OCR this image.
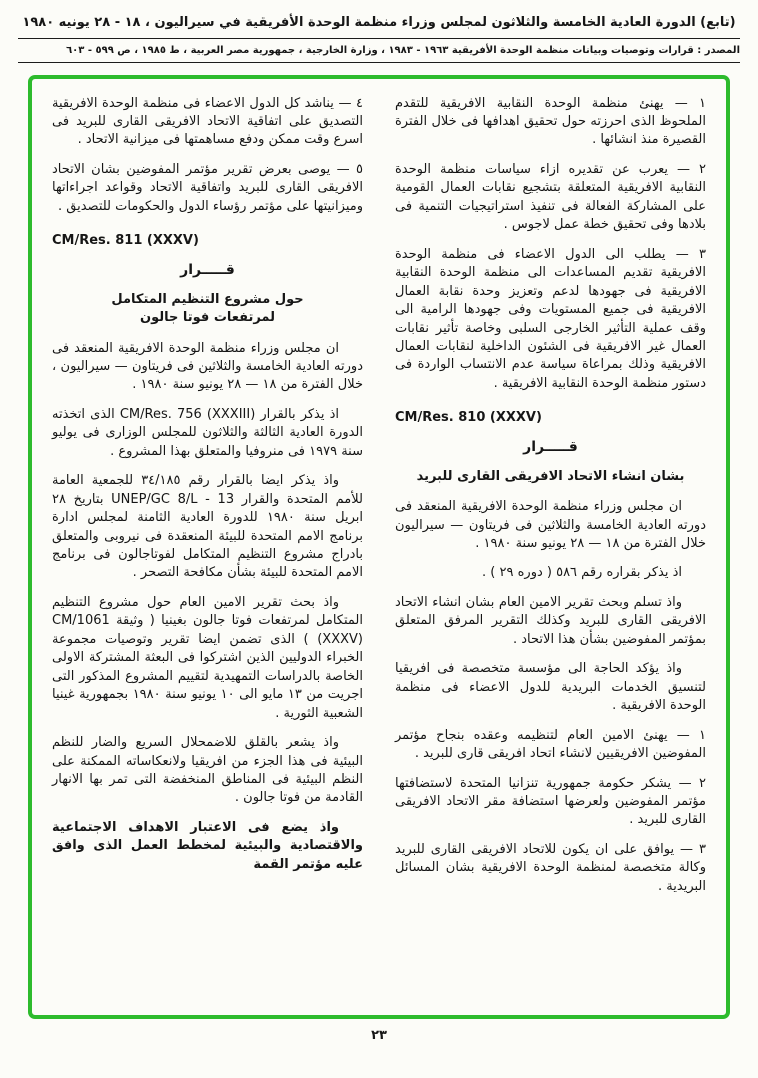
(تابع) الدورة العادية الخامسة والثلاثون لمجلس وزراء منظمة الوحدة الأفريقية في سيراليون ، ١٨ - ٢٨ يونيه ١٩٨٠
المصدر : قرارات وتوصيات وبيانات منظمة الوحدة الأفريقية ١٩٦٣ - ١٩٨٣ ، وزارة الخارجية ، جمهورية مصر العربية ، ط ١٩٨٥ ، ص ٥٩٩ - ٦٠٣

١ — يهنئ منظمة الوحدة النقابية الافريقية للتقدم الملحوظ الذى احرزته حول تحقيق اهدافها فى خلال الفترة القصيرة منذ انشائها .

٢ — يعرب عن تقديره ازاء سياسات منظمة الوحدة النقابية الافريقية المتعلقة بتشجيع نقابات العمال القومية على المشاركة الفعالة فى تنفيذ استراتيجيات التنمية فى بلادها وفى تحقيق خطة عمل لاجوس .

٣ — يطلب الى الدول الاعضاء فى منظمة الوحدة الافريقية تقديم المساعدات الى منظمة الوحدة النقابية الافريقية فى جهودها لدعم وتعزيز وحدة نقابة العمال الافريقية فى جميع المستويات وفى جهودها الرامية الى وقف عملية التأثير الخارجى السلبى وخاصة تأثير نقابات العمال غير الافريقية فى الشئون الداخلية لنقابات العمال الافريقية وذلك بمراعاة سياسة عدم الانتساب الواردة فى دستور منظمة الوحدة النقابية الافريقية .

CM/Res. 810 (XXXV)

قـــــرار

بشان انشاء الاتحاد الافريقى القارى للبريد

ان مجلس وزراء منظمة الوحدة الافريقية المنعقد فى دورته العادية الخامسة والثلاثين فى فريتاون — سيراليون خلال الفترة من ١٨ — ٢٨ يونيو سنة ١٩٨٠ .

اذ يذكر بقراره رقم ٥٨٦ ( دوره ٢٩ ) .

واذ تسلم وبحث تقرير الامين العام بشان انشاء الاتحاد الافريقى القارى للبريد وكذلك التقرير المرفق المتعلق بمؤتمر المفوضين بشأن هذا الاتحاد .

واذ يؤكد الحاجة الى مؤسسة متخصصة فى افريقيا لتنسيق الخدمات البريدية للدول الاعضاء فى منظمة الوحدة الافريقية .

١ — يهنئ الامين العام لتنظيمه وعقده بنجاح مؤتمر المفوضين الافريقيين لانشاء اتحاد افريقى قارى للبريد .

٢ — يشكر حكومة جمهورية تنزانيا المتحدة لاستضافتها مؤتمر المفوضين ولعرضها استضافة مقر الاتحاد الافريقى القارى للبريد .

٣ — يوافق على ان يكون للاتحاد الافريقى القارى للبريد وكالة متخصصة لمنظمة الوحدة الافريقية بشان المسائل البريدية .

٤ — يناشد كل الدول الاعضاء فى منظمة الوحدة الافريقية التصديق على اتفاقية الاتحاد الافريقى القارى للبريد فى اسرع وقت ممكن ودفع مساهمتها فى ميزانية الاتحاد .

٥ — يوصى بعرض تقرير مؤتمر المفوضين بشان الاتحاد الافريقى القارى للبريد واتفاقية الاتحاد وقواعد اجراءاتها وميزانيتها على مؤتمر رؤساء الدول والحكومات للتصديق .

CM/Res. 811 (XXXV)

قـــــرار

حول مشروع التنظيم المتكامل لمرتفعات فوتا جالون

ان مجلس وزراء منظمة الوحدة الافريقية المنعقد فى دورته العادية الخامسة والثلاثين فى فريتاون — سيراليون ، خلال الفترة من ١٨ — ٢٨ يونيو سنة ١٩٨٠ .

اذ يذكر بالقرار CM/Res. 756 (XXXIII) الذى اتخذته الدورة العادية الثالثة والثلاثون للمجلس الوزارى فى يوليو سنة ١٩٧٩ فى منروفيا والمتعلق بهذا المشروع .

واذ يذكر ايضا بالقرار رقم ٣٤/١٨٥ للجمعية العامة للأمم المتحدة والقرار UNEP/GC 8/L - 13 بتاريخ ٢٨ ابريل سنة ١٩٨٠ للدورة العادية الثامنة لمجلس ادارة برنامج الامم المتحدة للبيئة المنعقدة فى نيروبى والمتعلق بادراج مشروع التنظيم المتكامل لفوتاجالون فى برنامج الامم المتحدة للبيئة بشأن مكافحة التصحر .

واذ بحث تقرير الامين العام حول مشروع التنظيم المتكامل لمرتفعات فوتا جالون بغينيا ( وثيقة CM/1061 (XXXV) ) الذى تضمن ايضا تقرير وتوصيات مجموعة الخبراء الدوليين الذين اشتركوا فى البعثة المشتركة الاولى الخاصة بالدراسات التمهيدية لتقييم المشروع المذكور التى اجريت من ١٣ مايو الى ١٠ يونيو سنة ١٩٨٠ بجمهورية غينيا الشعبية الثورية .

واذ يشعر بالقلق للاضمحلال السريع والضار للنظم البيئية فى هذا الجزء من افريقيا ولانعكاساته الممكنة على النظم البيئية فى المناطق المنخفضة التى تمر بها الانهار القادمة من فوتا جالون .

واذ يضع فى الاعتبار الاهداف الاجتماعية والاقتصادية والبيئية لمخطط العمل الذى وافق عليه مؤتمر القمة

٢٣
